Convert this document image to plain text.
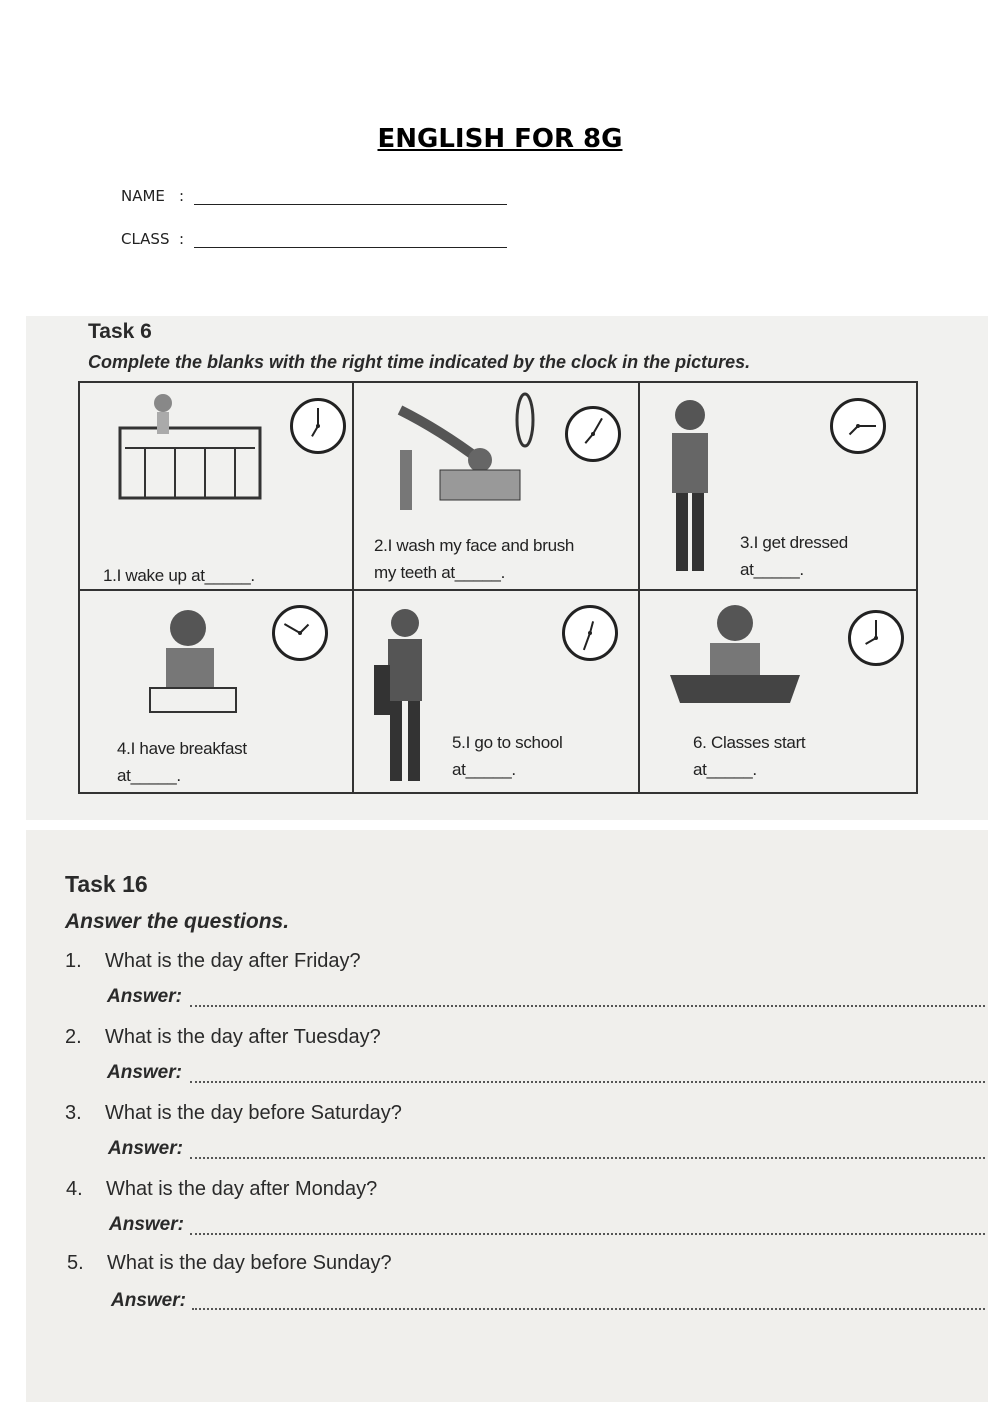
ENGLISH FOR 8G
NAME :
CLASS :
Task 6
Complete the blanks with the right time indicated by the clock in the pictures.
1.I wake up at_____.
2.I wash my face and brush
my teeth at_____.
3.I get dressed
at_____.
4.I have breakfast
at_____.
5.I go to school
at_____.
6. Classes start
at_____.
Task 16
Answer the questions.
1. What is the day after Friday?
Answer:
2. What is the day after Tuesday?
Answer:
3. What is the day before Saturday?
Answer:
4. What is the day after Monday?
Answer:
5. What is the day before Sunday?
Answer:
